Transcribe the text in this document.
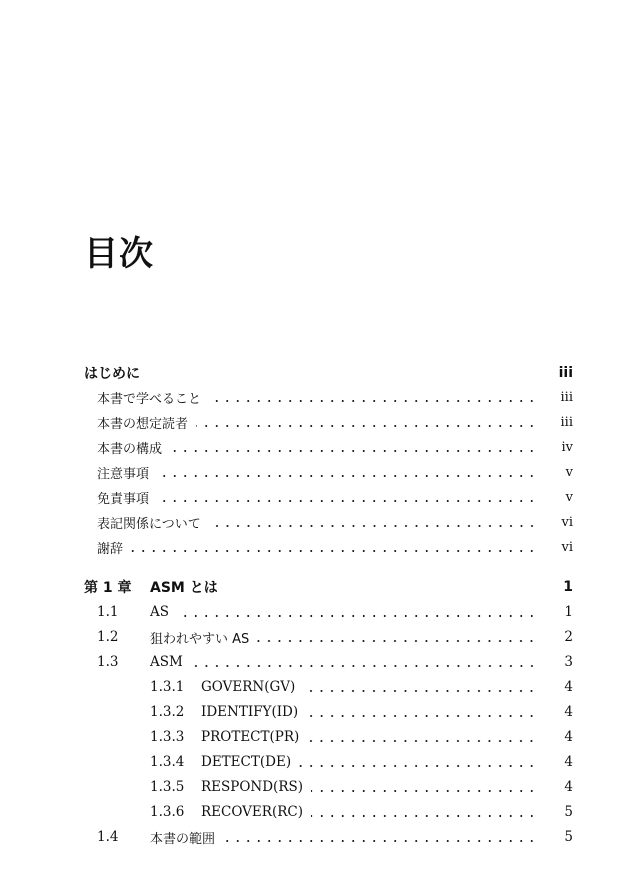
目次
はじめに	iii
本書で学べること	iii
本書の想定読者	iii
本書の構成	iv
注意事項	v
免責事項	v
表記関係について	vi
謝辞	vi
第 1 章	ASM とは	1
1.1	AS	1
1.2	狙われやすい AS	2
1.3	ASM	3
1.3.1	GOVERN(GV)	4
1.3.2	IDENTIFY(ID)	4
1.3.3	PROTECT(PR)	4
1.3.4	DETECT(DE)	4
1.3.5	RESPOND(RS)	4
1.3.6	RECOVER(RC)	5
1.4	本書の範囲	5
